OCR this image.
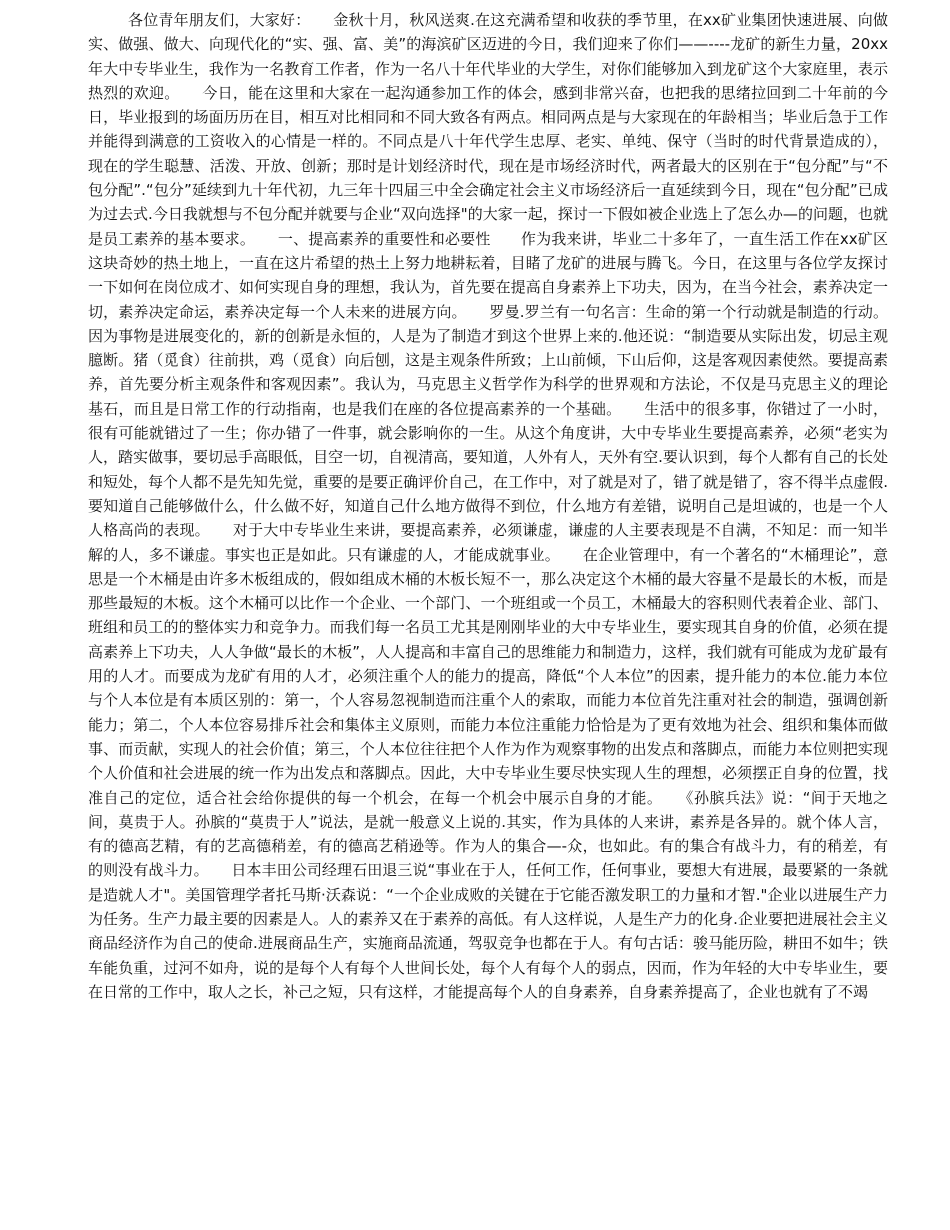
各位青年朋友们，大家好：　　金秋十月，秋风送爽.在这充满希望和收获的季节里，在xx矿业集团快速进展、向做实、做强、做大、向现代化的“实、强、富、美”的海滨矿区迈进的今日，我们迎来了你们——----龙矿的新生力量，20xx年大中专毕业生，我作为一名教育工作者，作为一名八十年代毕业的大学生，对你们能够加入到龙矿这个大家庭里，表示热烈的欢迎。　　今日，能在这里和大家在一起沟通参加工作的体会，感到非常兴奋，也把我的思绪拉回到二十年前的今日，毕业报到的场面历历在目，相互对比相同和不同大致各有两点。相同两点是与大家现在的年龄相当；毕业后急于工作并能得到满意的工资收入的心情是一样的。不同点是八十年代学生忠厚、老实、单纯、保守（当时的时代背景造成的），现在的学生聪慧、活泼、开放、创新；那时是计划经济时代，现在是市场经济时代，两者最大的区别在于“包分配”与“不包分配”.“包分”延续到九十年代初，九三年十四届三中全会确定社会主义市场经济后一直延续到今日，现在“包分配”已成为过去式.今日我就想与不包分配并就要与企业“双向选择"的大家一起，探讨一下假如被企业选上了怎么办—的问题，也就是员工素养的基本要求。　　一、提高素养的重要性和必要性　　作为我来讲，毕业二十多年了，一直生活工作在xx矿区这块奇妙的热土地上，一直在这片希望的热土上努力地耕耘着，目睹了龙矿的进展与腾飞。今日，在这里与各位学友探讨一下如何在岗位成才、如何实现自身的理想，我认为，首先要在提高自身素养上下功夫，因为，在当今社会，素养决定一切，素养决定命运，素养决定每一个人未来的进展方向。　　罗曼.罗兰有一句名言：生命的第一个行动就是制造的行动。因为事物是进展变化的，新的创新是永恒的，人是为了制造才到这个世界上来的.他还说：“制造要从实际出发，切忌主观臆断。猪（觅食）往前拱，鸡（觅食）向后刨，这是主观条件所致；上山前倾，下山后仰，这是客观因素使然。要提高素养，首先要分析主观条件和客观因素”。我认为，马克思主义哲学作为科学的世界观和方法论，不仅是马克思主义的理论基石，而且是日常工作的行动指南，也是我们在座的各位提高素养的一个基础。　　生活中的很多事，你错过了一小时，很有可能就错过了一生；你办错了一件事，就会影响你的一生。从这个角度讲，大中专毕业生要提高素养，必须“老实为人，踏实做事，要切忌手高眼低，目空一切，自视清高，要知道，人外有人，天外有空.要认识到，每个人都有自己的长处和短处，每个人都不是先知先觉，重要的是要正确评价自己，在工作中，对了就是对了，错了就是错了，容不得半点虚假.要知道自己能够做什么，什么做不好，知道自己什么地方做得不到位，什么地方有差错，说明自己是坦诚的，也是一个人人格高尚的表现。　　对于大中专毕业生来讲，要提高素养，必须谦虚，谦虚的人主要表现是不自满，不知足：而一知半解的人，多不谦虚。事实也正是如此。只有谦虚的人，才能成就事业。　　在企业管理中，有一个著名的“木桶理论”，意思是一个木桶是由许多木板组成的，假如组成木桶的木板长短不一，那么决定这个木桶的最大容量不是最长的木板，而是那些最短的木板。这个木桶可以比作一个企业、一个部门、一个班组或一个员工，木桶最大的容积则代表着企业、部门、班组和员工的的整体实力和竞争力。而我们每一名员工尤其是刚刚毕业的大中专毕业生，要实现其自身的价值，必须在提高素养上下功夫，人人争做“最长的木板”，人人提高和丰富自己的思维能力和制造力，这样，我们就有可能成为龙矿最有用的人才。而要成为龙矿有用的人才，必须注重个人的能力的提高，降低“个人本位”的因素，提升能力的本位.能力本位与个人本位是有本质区别的：第一，个人容易忽视制造而注重个人的索取，而能力本位首先注重对社会的制造，强调创新能力；第二，个人本位容易排斥社会和集体主义原则，而能力本位注重能力恰恰是为了更有效地为社会、组织和集体而做事、而贡献，实现人的社会价值；第三，个人本位往往把个人作为作为观察事物的出发点和落脚点，而能力本位则把实现个人价值和社会进展的统一作为出发点和落脚点。因此，大中专毕业生要尽快实现人生的理想，必须摆正自身的位置，找准自己的定位，适合社会给你提供的每一个机会，在每一个机会中展示自身的才能。　　《孙膑兵法》说：“间于天地之间，莫贵于人。孙膑的“莫贵于人”说法，是就一般意义上说的.其实，作为具体的人来讲，素养是各异的。就个体人言，有的德高艺精，有的艺高德稍差，有的德高艺稍逊等。作为人的集合—-众，也如此。有的集合有战斗力，有的稍差，有的则没有战斗力。　　日本丰田公司经理石田退三说“事业在于人，任何工作，任何事业，要想大有进展，最要紧的一条就是造就人才"。美国管理学者托马斯·沃森说：“一个企业成败的关键在于它能否激发职工的力量和才智."企业以进展生产力为任务。生产力最主要的因素是人。人的素养又在于素养的高低。有人这样说，人是生产力的化身.企业要把进展社会主义商品经济作为自己的使命.进展商品生产，实施商品流通，驾驭竞争也都在于人。有句古话：骏马能历险，耕田不如牛；铁车能负重，过河不如舟，说的是每个人有每个人世间长处，每个人有每个人的弱点，因而，作为年轻的大中专毕业生，要在日常的工作中，取人之长，补己之短，只有这样，才能提高每个人的自身素养，自身素养提高了，企业也就有了不竭
